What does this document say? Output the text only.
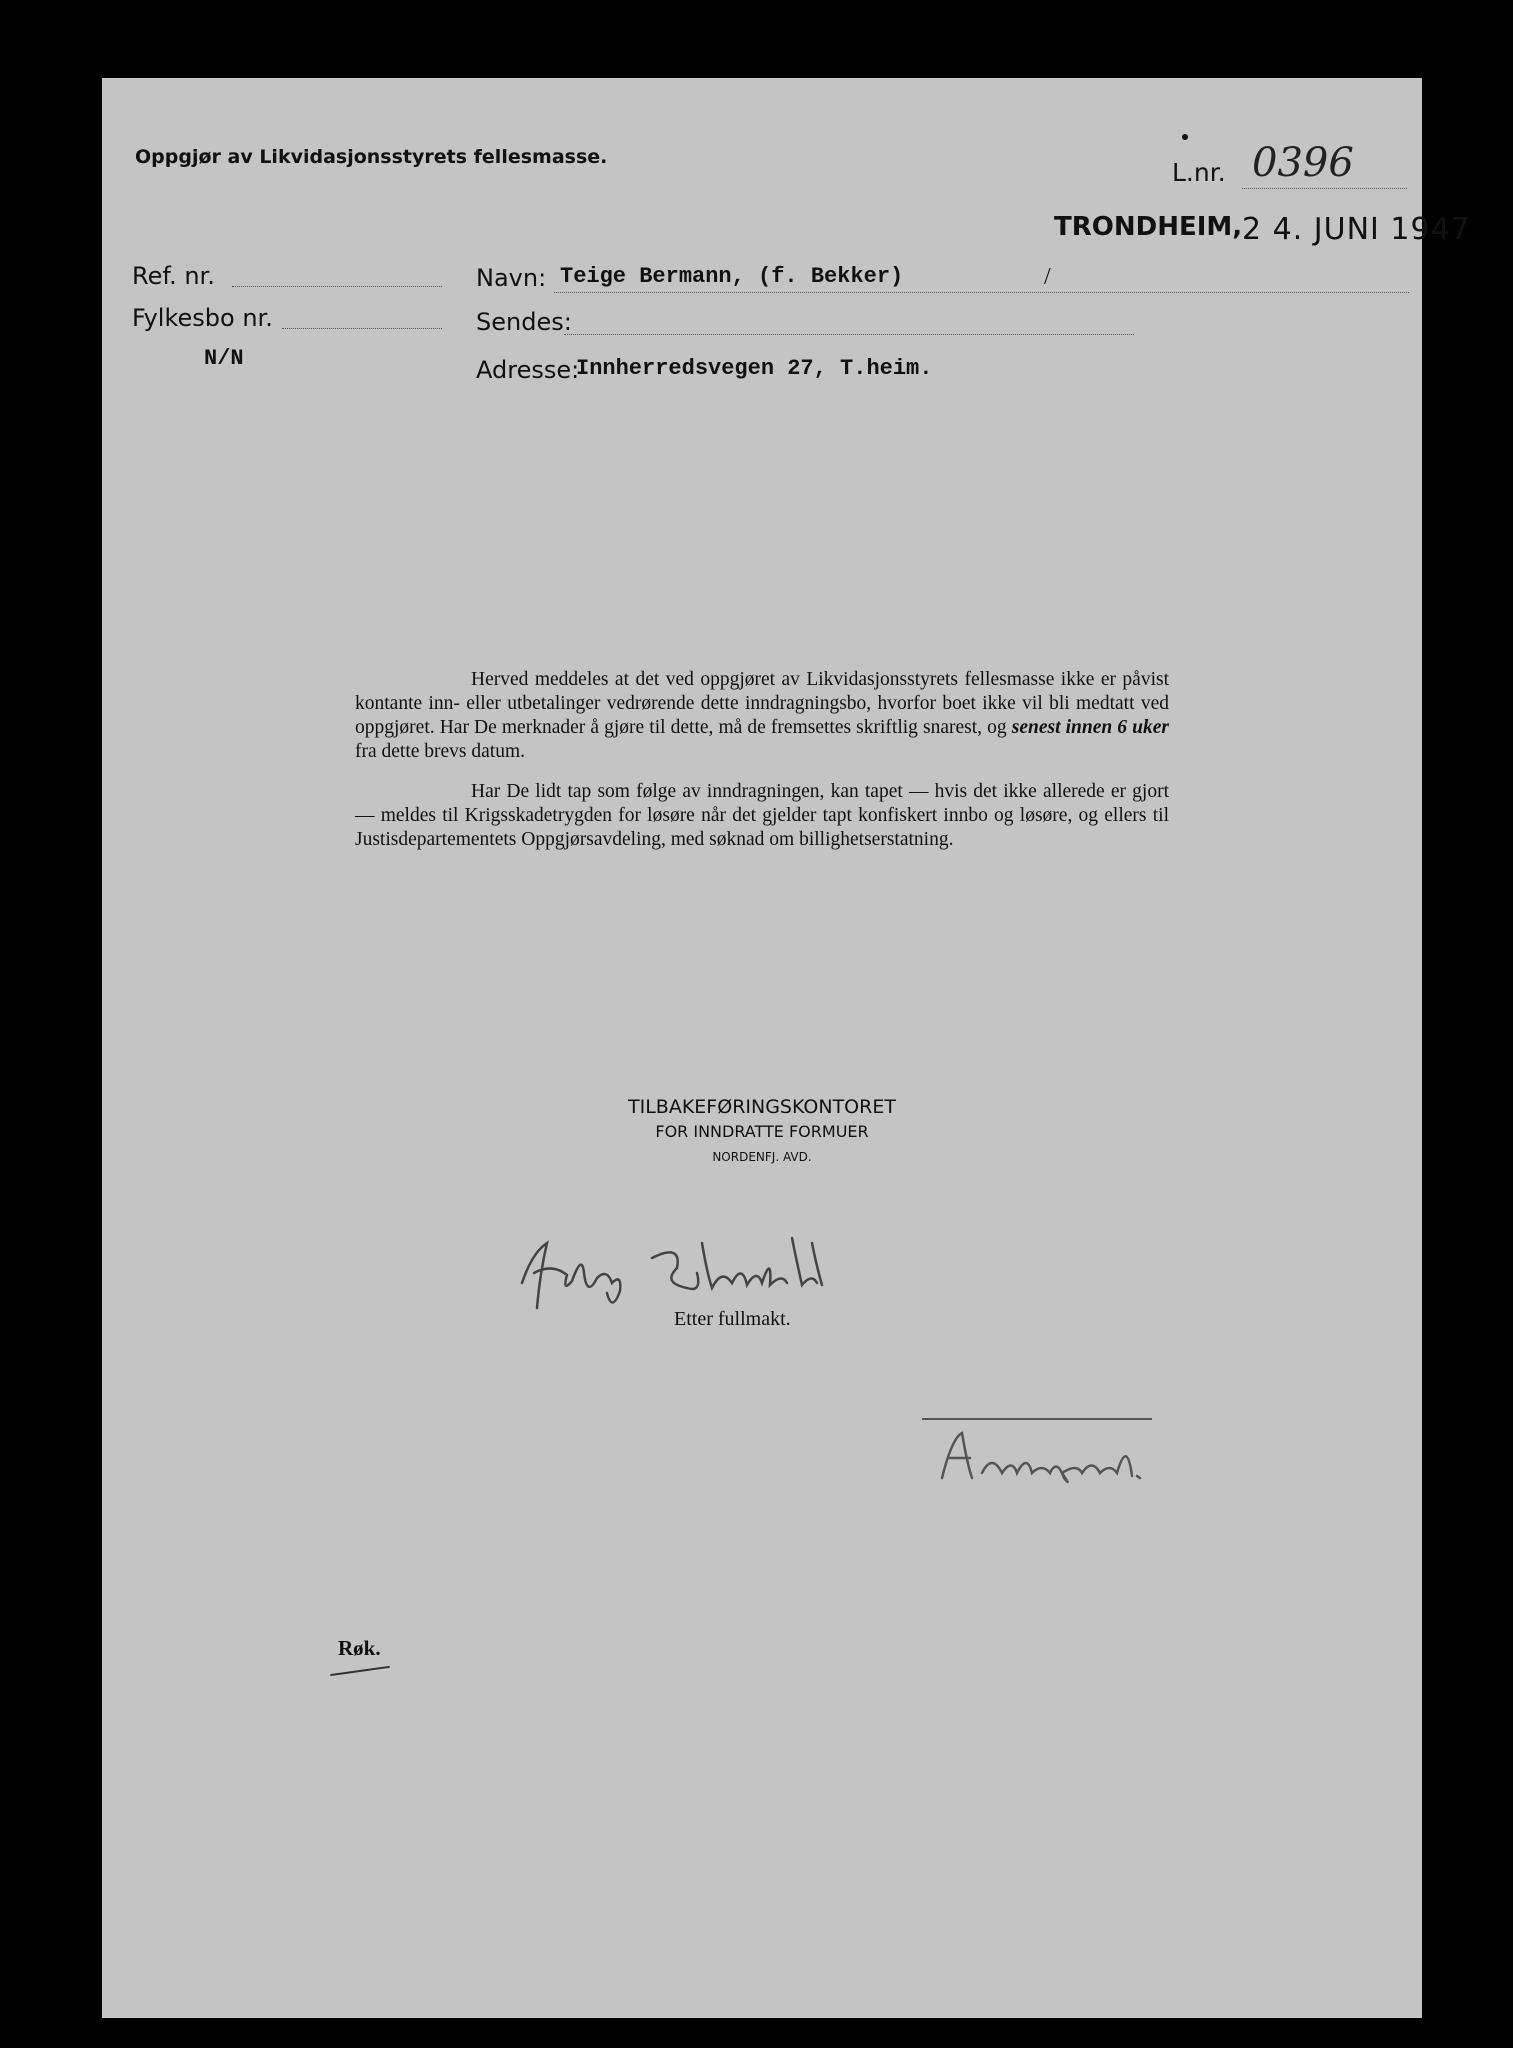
Oppgjør av Likvidasjonsstyrets fellesmasse.
L.nr. 0396
TRONDHEIM, 2 4. JUNI 1947
Ref. nr.
Fylkesbo nr.
N/N
Navn: Teige Bermann, (f. Bekker)	/
Sendes:
Adresse:
Innherredsvegen 27, T.heim.

Herved meddeles at det ved oppgjøret av Likvidasjonsstyrets fellesmasse ikke er påvist kontante inn- eller utbetalinger vedrørende dette inndragningsbo, hvorfor boet ikke vil bli medtatt ved oppgjøret. Har De merknader å gjøre til dette, må de fremsettes skriftlig snarest, og senest innen 6 uker fra dette brevs datum.

Har De lidt tap som følge av inndragningen, kan tapet — hvis det ikke allerede er gjort — meldes til Krigsskadetrygden for løsøre når det gjelder tapt konfiskert innbo og løsøre, og ellers til Justisdepartementets Oppgjørsavdeling, med søknad om billighetserstatning.

TILBAKEFØRINGSKONTORET
FOR INNDRATTE FORMUER
NORDENFJ. AVD.
Etter fullmakt.
Røk.
